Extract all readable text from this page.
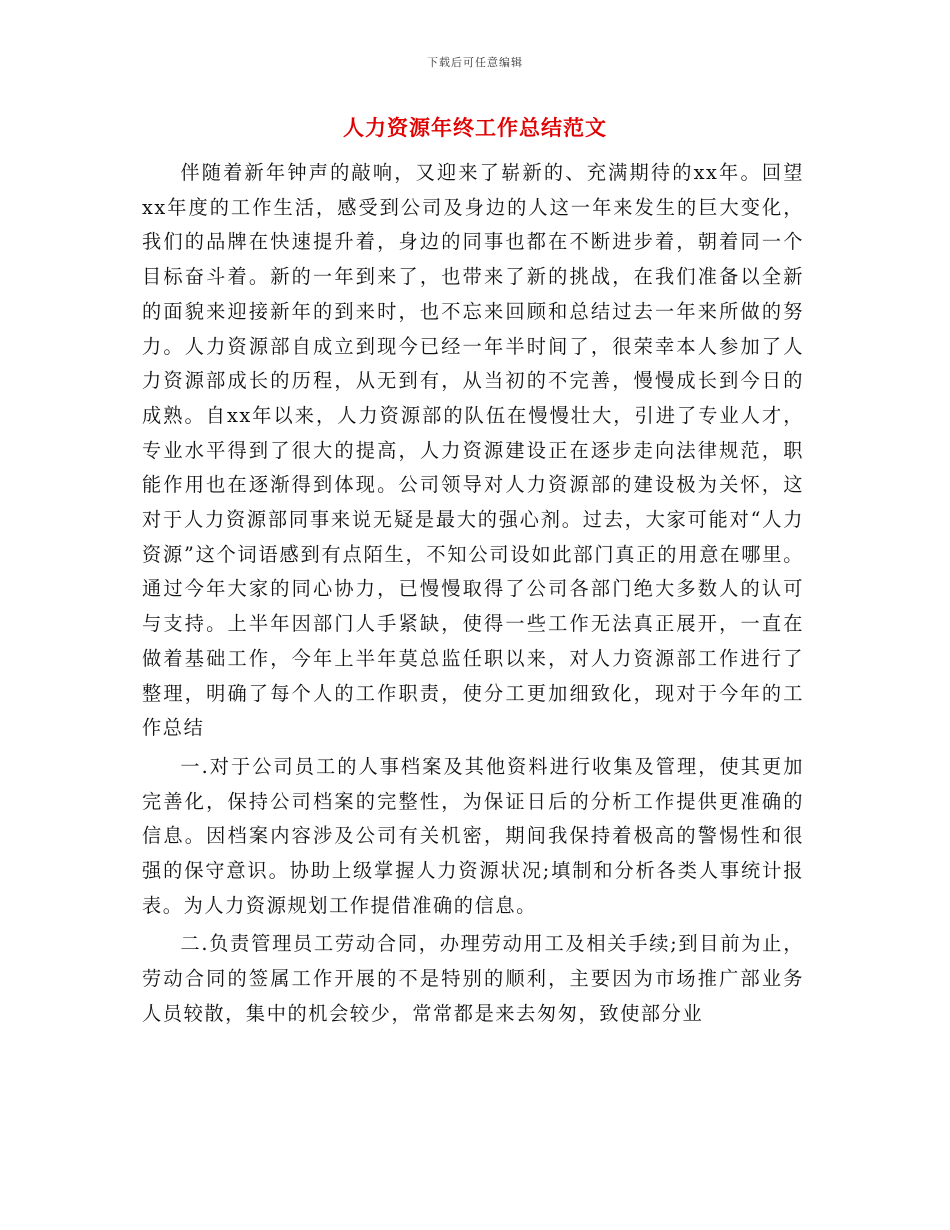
下载后可任意编辑
人力资源年终工作总结范文

伴随着新年钟声的敲响，又迎来了崭新的、充满期待的xx年。回望xx年度的工作生活，感受到公司及身边的人这一年来发生的巨大变化，我们的品牌在快速提升着，身边的同事也都在不断进步着，朝着同一个目标奋斗着。新的一年到来了，也带来了新的挑战，在我们准备以全新的面貌来迎接新年的到来时，也不忘来回顾和总结过去一年来所做的努力。人力资源部自成立到现今已经一年半时间了，很荣幸本人参加了人力资源部成长的历程，从无到有，从当初的不完善，慢慢成长到今日的成熟。自xx年以来，人力资源部的队伍在慢慢壮大，引进了专业人才，专业水平得到了很大的提高，人力资源建设正在逐步走向法律规范，职能作用也在逐渐得到体现。公司领导对人力资源部的建设极为关怀，这对于人力资源部同事来说无疑是最大的强心剂。过去，大家可能对“人力资源”这个词语感到有点陌生，不知公司设如此部门真正的用意在哪里。通过今年大家的同心协力，已慢慢取得了公司各部门绝大多数人的认可与支持。上半年因部门人手紧缺，使得一些工作无法真正展开，一直在做着基础工作，今年上半年莫总监任职以来，对人力资源部工作进行了整理，明确了每个人的工作职责，使分工更加细致化，现对于今年的工作总结

一.对于公司员工的人事档案及其他资料进行收集及管理，使其更加完善化，保持公司档案的完整性，为保证日后的分析工作提供更准确的信息。因档案内容涉及公司有关机密，期间我保持着极高的警惕性和很强的保守意识。协助上级掌握人力资源状况;填制和分析各类人事统计报表。为人力资源规划工作提借准确的信息。

二.负责管理员工劳动合同，办理劳动用工及相关手续;到目前为止，劳动合同的签属工作开展的不是特别的顺利，主要因为市场推广部业务人员较散，集中的机会较少，常常都是来去匆匆，致使部分业
